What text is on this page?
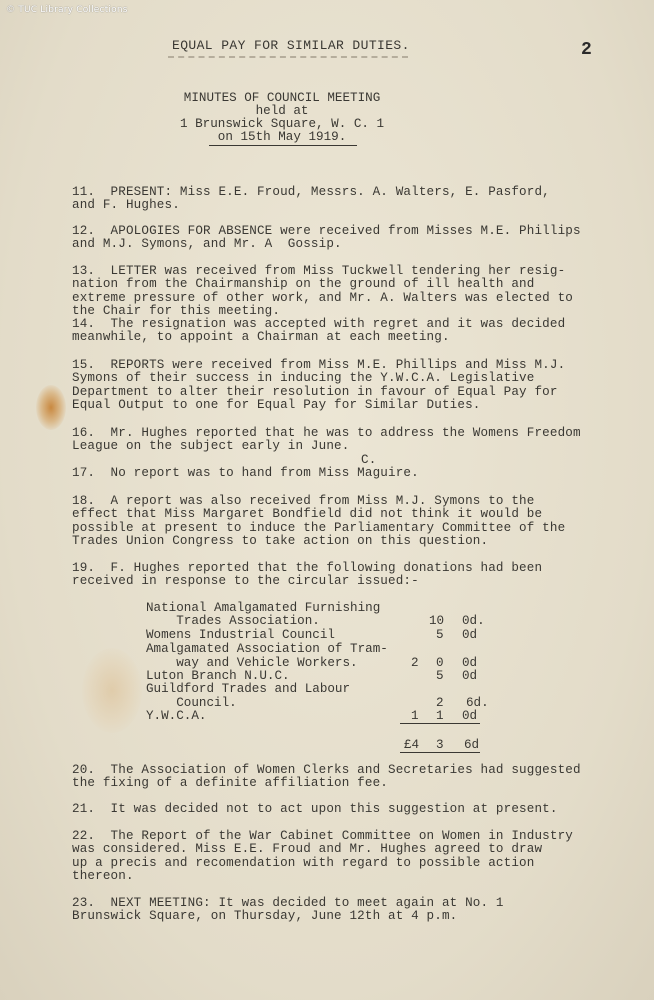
© TUC Library Collections
2
EQUAL PAY FOR SIMILAR DUTIES.
MINUTES OF COUNCIL MEETING
held at
1 Brunswick Square, W. C. 1
on 15th May 1919.
11.  PRESENT: Miss E.E. Froud, Messrs. A. Walters, E. Pasford,
and F. Hughes.
12.  APOLOGIES FOR ABSENCE were received from Misses M.E. Phillips
and M.J. Symons, and Mr. A  Gossip.
13.  LETTER was received from Miss Tuckwell tendering her resig-
nation from the Chairmanship on the ground of ill health and
extreme pressure of other work, and Mr. A. Walters was elected to
the Chair for this meeting.
14.  The resignation was accepted with regret and it was decided
meanwhile, to appoint a Chairman at each meeting.
15.  REPORTS were received from Miss M.E. Phillips and Miss M.J.
Symons of their success in inducing the Y.W.C.A. Legislative
Department to alter their resolution in favour of Equal Pay for
Equal Output to one for Equal Pay for Similar Duties.
16.  Mr. Hughes reported that he was to address the Womens Freedom
League on the subject early in June.
C.
17.  No report was to hand from Miss Maguire.
18.  A report was also received from Miss M.J. Symons to the
effect that Miss Margaret Bondfield did not think it would be
possible at present to induce the Parliamentary Committee of the
Trades Union Congress to take action on this question.
19.  F. Hughes reported that the following donations had been
received in response to the circular issued:-
National Amalgamated Furnishing
Trades Association.	10 0d.
Womens Industrial Council	5 0d
Amalgamated Association of Tram-
way and Vehicle Workers.	2 0 0d
Luton Branch N.U.C.	5 0d
Guildford Trades and Labour
Council.	2 6d.
Y.W.C.A.	1 1 0d
£4 3 6d
20.  The Association of Women Clerks and Secretaries had suggested
the fixing of a definite affiliation fee.
21.  It was decided not to act upon this suggestion at present.
22.  The Report of the War Cabinet Committee on Women in Industry
was considered. Miss E.E. Froud and Mr. Hughes agreed to draw
up a precis and recomendation with regard to possible action
thereon.
23.  NEXT MEETING: It was decided to meet again at No. 1
Brunswick Square, on Thursday, June 12th at 4 p.m.
